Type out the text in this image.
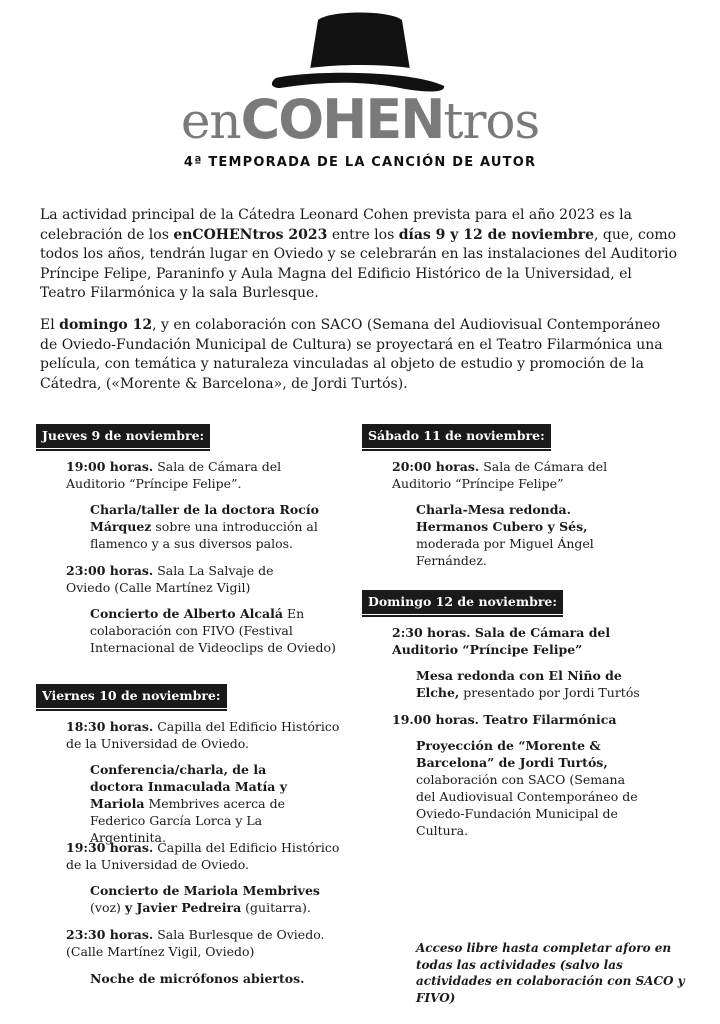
enCOHENtros
4ª TEMPORADA DE LA CANCIÓN DE AUTOR
La actividad principal de la Cátedra Leonard Cohen prevista para el año 2023 es la celebración de los enCOHENtros 2023 entre los días 9 y 12 de noviembre, que, como todos los años, tendrán lugar en Oviedo y se celebrarán en las instalaciones del Auditorio Príncipe Felipe, Paraninfo y Aula Magna del Edificio Histórico de la Universidad, el Teatro Filarmónica y la sala Burlesque.
El domingo 12, y en colaboración con SACO (Semana del Audiovisual Contemporáneo de Oviedo-Fundación Municipal de Cultura) se proyectará en el Teatro Filarmónica una película, con temática y naturaleza vinculadas al objeto de estudio y promoción de la Cátedra, («Morente & Barcelona», de Jordi Turtós).
Jueves 9 de noviembre:
19:00 horas. Sala de Cámara del Auditorio “Príncipe Felipe”.
Charla/taller de la doctora Rocío Márquez sobre una introducción al flamenco y a sus diversos palos.
23:00 horas. Sala La Salvaje de Oviedo (Calle Martínez Vigil)
Concierto de Alberto Alcalá En colaboración con FIVO (Festival Internacional de Videoclips de Oviedo)
Viernes 10 de noviembre:
18:30 horas. Capilla del Edificio Histórico de la Universidad de Oviedo.
Conferencia/charla, de la doctora Inmaculada Matía y Mariola Membrives acerca de Federico García Lorca y La Argentinita.
19:30 horas. Capilla del Edificio Histórico de la Universidad de Oviedo.
Concierto de Mariola Membrives (voz) y Javier Pedreira (guitarra).
23:30 horas. Sala Burlesque de Oviedo. (Calle Martínez Vigil, Oviedo)
Noche de micrófonos abiertos.
Sábado 11 de noviembre:
20:00 horas. Sala de Cámara del Auditorio “Príncipe Felipe”
Charla-Mesa redonda. Hermanos Cubero y Sés, moderada por Miguel Ángel Fernández.
Domingo 12 de noviembre:
2:30 horas. Sala de Cámara del Auditorio “Príncipe Felipe”
Mesa redonda con El Niño de Elche, presentado por Jordi Turtós
19.00 horas. Teatro Filarmónica
Proyección de “Morente & Barcelona” de Jordi Turtós, colaboración con SACO (Semana del Audiovisual Contemporáneo de Oviedo-Fundación Municipal de Cultura.
Acceso libre hasta completar aforo en todas las actividades (salvo las actividades en colaboración con SACO y FIVO)
